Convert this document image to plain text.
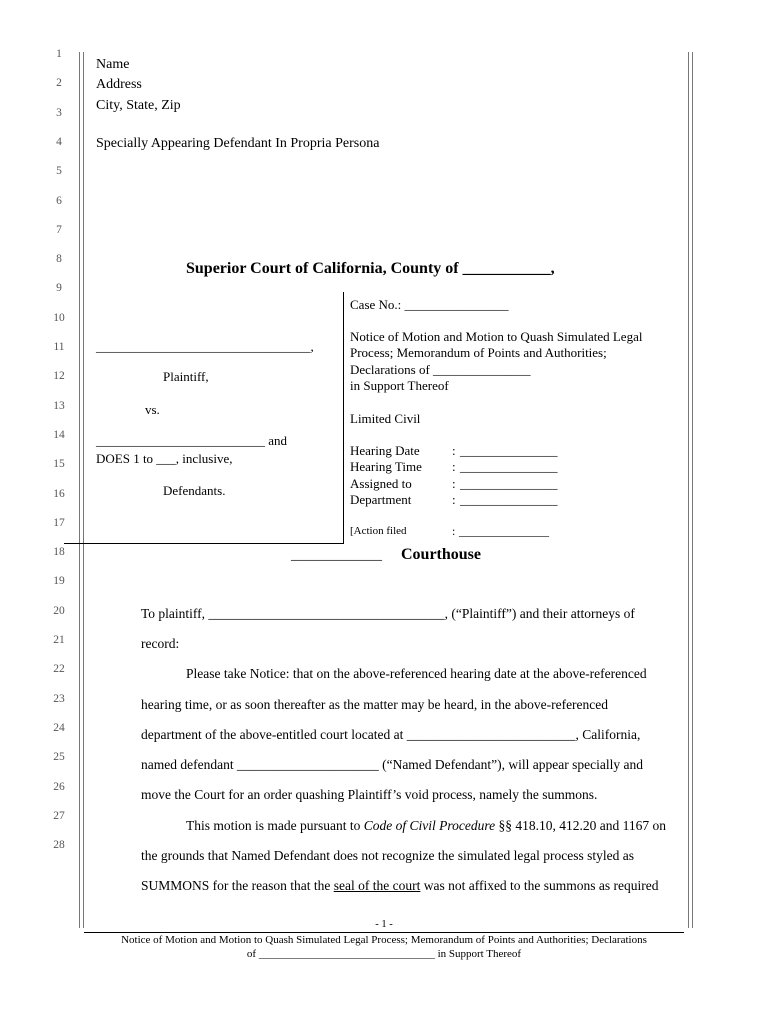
1
2
3
4
5
6
7
8
9
10
11
12
13
14
15
16
17
18
19
20
21
22
23
24
25
26
27
28
Name
Address
City, State, Zip
Specially Appearing Defendant In Propria Persona
Superior Court of California, County of ___________,
_________________________________,
Plaintiff,
vs.
__________________________ and
DOES 1 to ___, inclusive,
Defendants.
Case No.: ________________
Notice of Motion and Motion to Quash Simulated Legal
Process; Memorandum of Points and Authorities;
Declarations of _______________
in Support Thereof
Limited Civil
Hearing Date : _______________
Hearing Time : _______________
Assigned to	: _______________
Department	: _______________
[Action filed	: _______________
_____________ Courthouse
To plaintiff, ___________________________________, (“Plaintiff”) and their attorneys of
record:
Please take Notice: that on the above-referenced hearing date at the above-referenced
hearing time, or as soon thereafter as the matter may be heard, in the above-referenced
department of the above-entitled court located at _________________________, California,
named defendant _____________________ (“Named Defendant”), will appear specially and
move the Court for an order quashing Plaintiff’s void process, namely the summons.
This motion is made pursuant to Code of Civil Procedure §§ 418.10, 412.20 and 1167 on
the grounds that Named Defendant does not recognize the simulated legal process styled as
SUMMONS for the reason that the seal of the court was not affixed to the summons as required
- 1 -
Notice of Motion and Motion to Quash Simulated Legal Process; Memorandum of Points and Authorities; Declarations
of ________________________________ in Support Thereof
